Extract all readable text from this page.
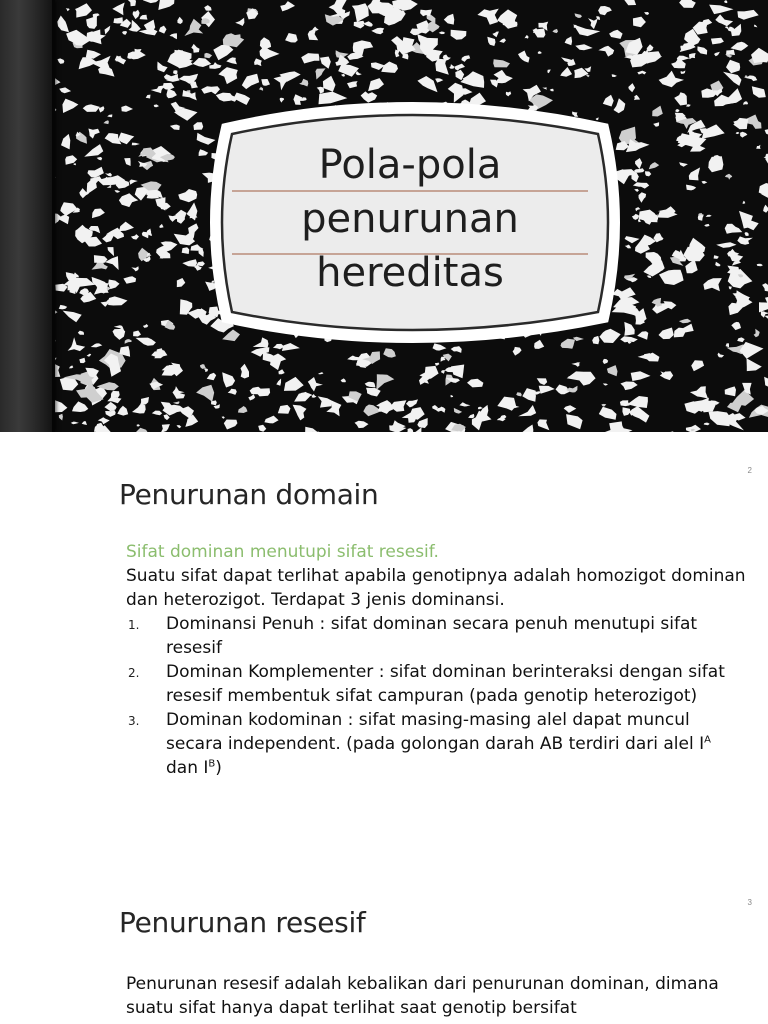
Pola-pola
penurunan
hereditas
2
Penurunan domain

Sifat dominan menutupi sifat resesif.

Suatu sifat dapat terlihat apabila genotipnya adalah homozigot dominan dan heterozigot. Terdapat 3 jenis dominansi.

1. Dominansi Penuh : sifat dominan secara penuh menutupi sifat resesif
2. Dominan Komplementer : sifat dominan berinteraksi dengan sifat resesif membentuk sifat campuran (pada genotip heterozigot)
3. Dominan kodominan : sifat masing-masing alel dapat muncul secara independent. (pada golongan darah AB terdiri dari alel $I^A$ dan $I^B$)
3
Penurunan resesif

Penurunan resesif adalah kebalikan dari penurunan dominan, dimana suatu sifat hanya dapat terlihat saat genotip bersifat
